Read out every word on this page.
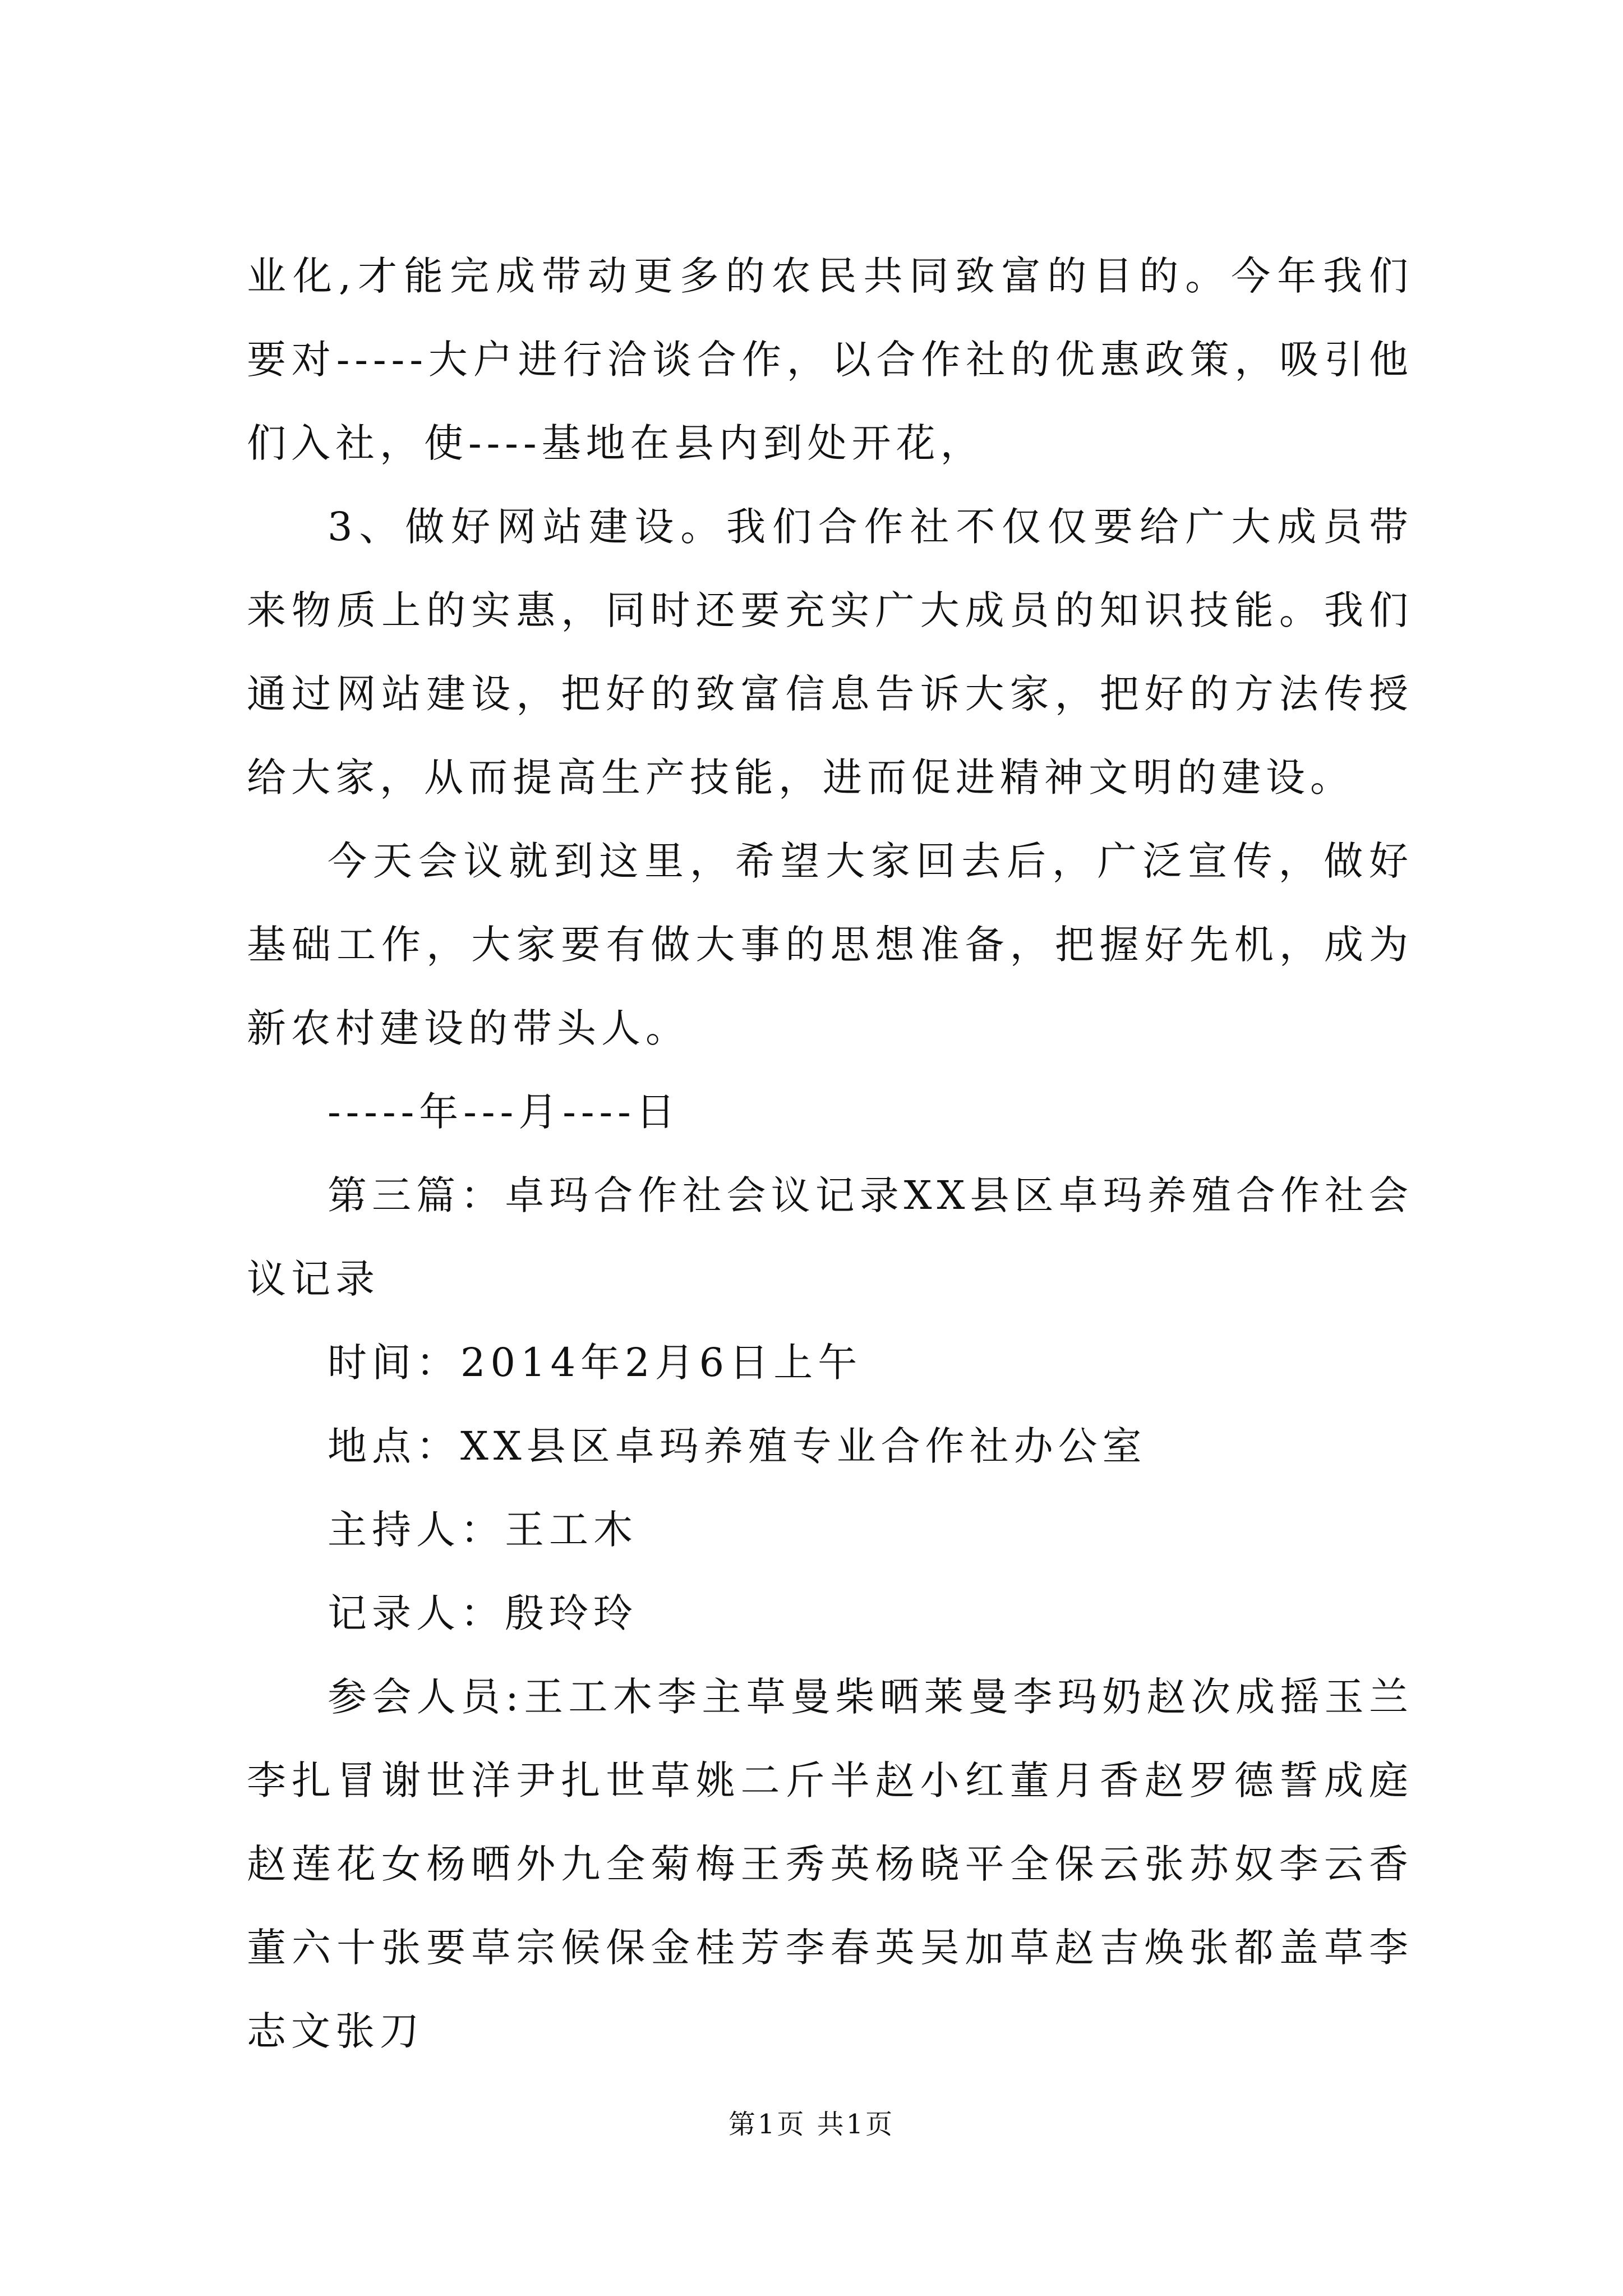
业化,才能完成带动更多的农民共同致富的目的。今年我们要对-----大户进行洽谈合作，以合作社的优惠政策，吸引他们入社，使----基地在县内到处开花，

3、做好网站建设。我们合作社不仅仅要给广大成员带来物质上的实惠，同时还要充实广大成员的知识技能。我们通过网站建设，把好的致富信息告诉大家，把好的方法传授给大家，从而提高生产技能，进而促进精神文明的建设。

今天会议就到这里，希望大家回去后，广泛宣传，做好基础工作，大家要有做大事的思想准备，把握好先机，成为新农村建设的带头人。

-----年---月----日

第三篇：卓玛合作社会议记录XX县区卓玛养殖合作社会议记录

时间：2014年2月6日上午

地点：XX县区卓玛养殖专业合作社办公室

主持人：王工木

记录人：殷玲玲

参会人员:王工木李主草曼柴晒莱曼李玛奶赵次成摇玉兰李扎冒谢世洋尹扎世草姚二斤半赵小红董月香赵罗德誓成庭赵莲花女杨晒外九全菊梅王秀英杨晓平全保云张苏奴李云香董六十张要草宗候保金桂芳李春英吴加草赵吉焕张都盖草李志文张刀

第1页 共1页
